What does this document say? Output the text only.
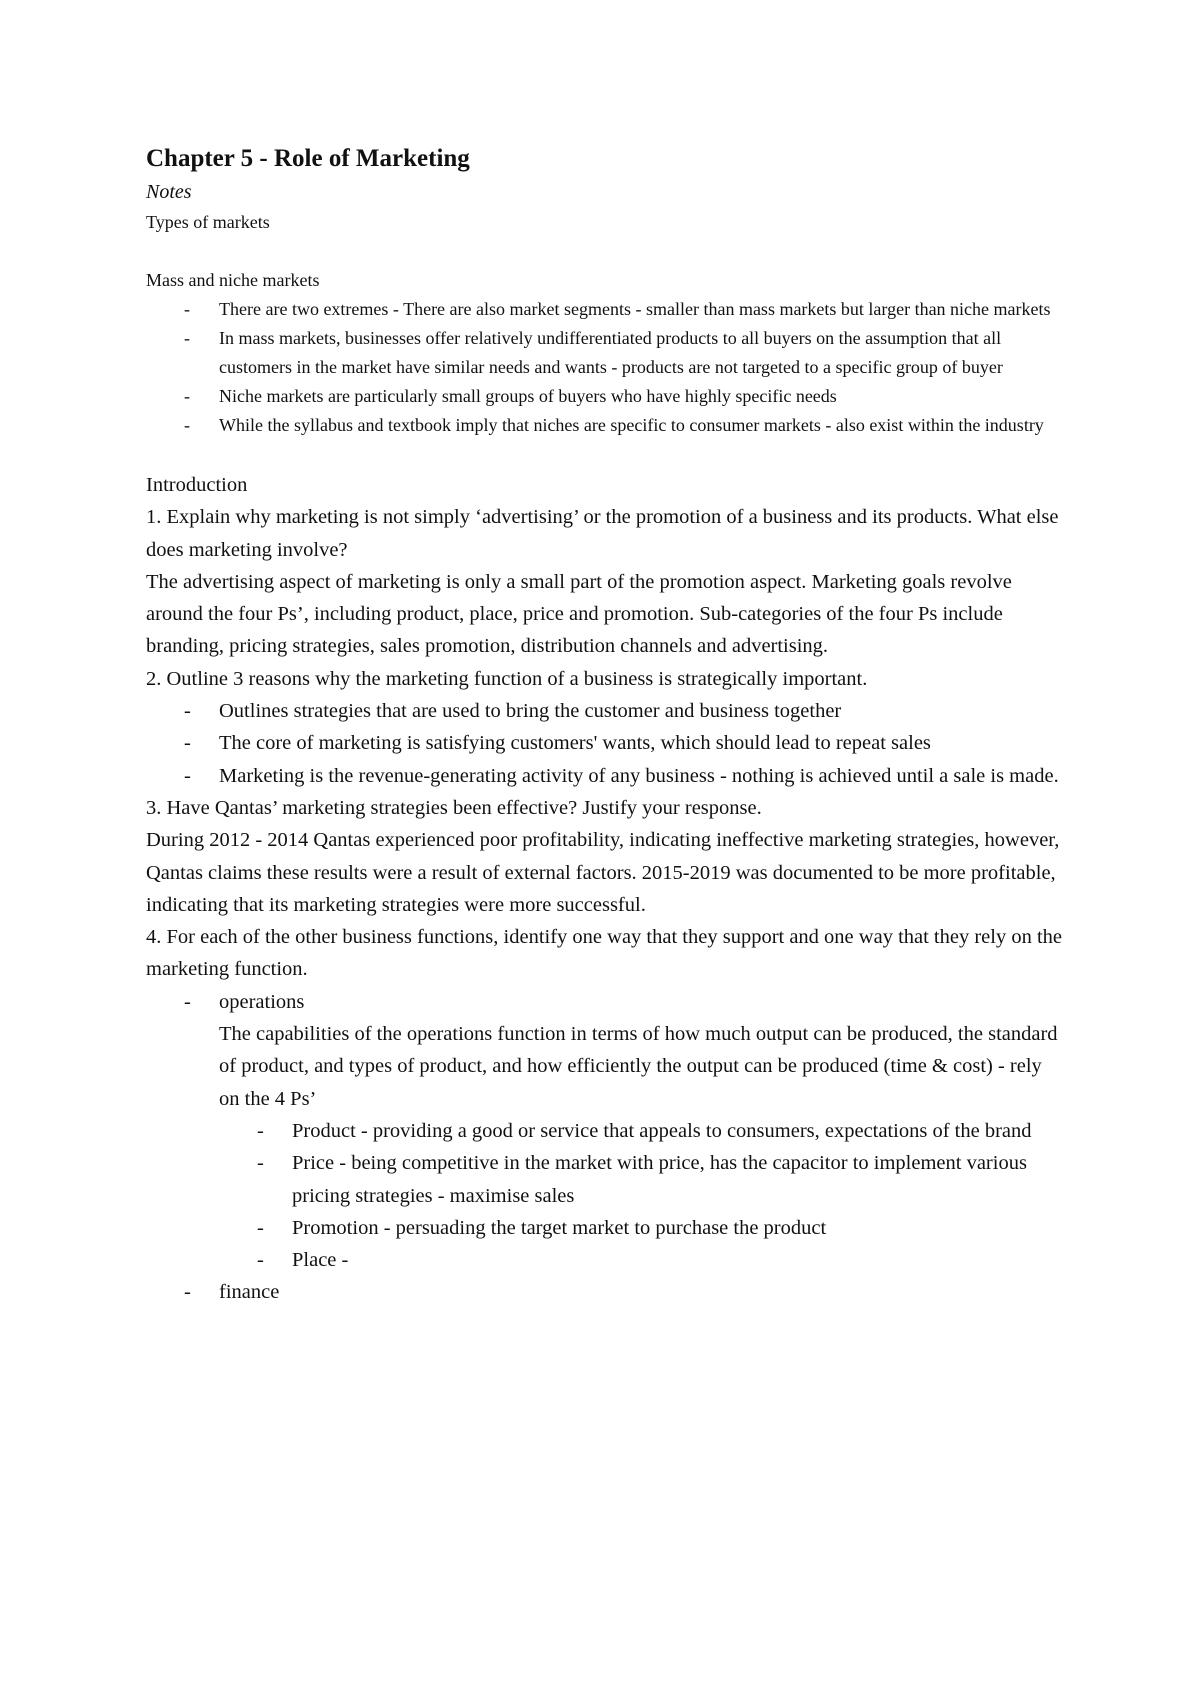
Chapter 5 - Role of Marketing

Notes

Types of markets

Mass and niche markets

- There are two extremes - There are also market segments - smaller than mass markets but larger than niche markets
- In mass markets, businesses offer relatively undifferentiated products to all buyers on the assumption that all customers in the market have similar needs and wants - products are not targeted to a specific group of buyer
- Niche markets are particularly small groups of buyers who have highly specific needs
- While the syllabus and textbook imply that niches are specific to consumer markets - also exist within the industry

Introduction

1. Explain why marketing is not simply ‘advertising’ or the promotion of a business and its products. What else does marketing involve?

The advertising aspect of marketing is only a small part of the promotion aspect. Marketing goals revolve around the four Ps’, including product, place, price and promotion. Sub-categories of the four Ps include branding, pricing strategies, sales promotion, distribution channels and advertising.

2. Outline 3 reasons why the marketing function of a business is strategically important.

- Outlines strategies that are used to bring the customer and business together
- The core of marketing is satisfying customers' wants, which should lead to repeat sales
- Marketing is the revenue-generating activity of any business - nothing is achieved until a sale is made.

3. Have Qantas’ marketing strategies been effective? Justify your response.

During 2012 - 2014 Qantas experienced poor profitability, indicating ineffective marketing strategies, however, Qantas claims these results were a result of external factors. 2015-2019 was documented to be more profitable, indicating that its marketing strategies were more successful.

4. For each of the other business functions, identify one way that they support and one way that they rely on the marketing function.

- operations

The capabilities of the operations function in terms of how much output can be produced, the standard of product, and types of product, and how efficiently the output can be produced (time & cost) - rely on the 4 Ps’

- Product - providing a good or service that appeals to consumers, expectations of the brand
- Price - being competitive in the market with price, has the capacitor to implement various pricing strategies - maximise sales
- Promotion - persuading the target market to purchase the product
- Place -
- finance
